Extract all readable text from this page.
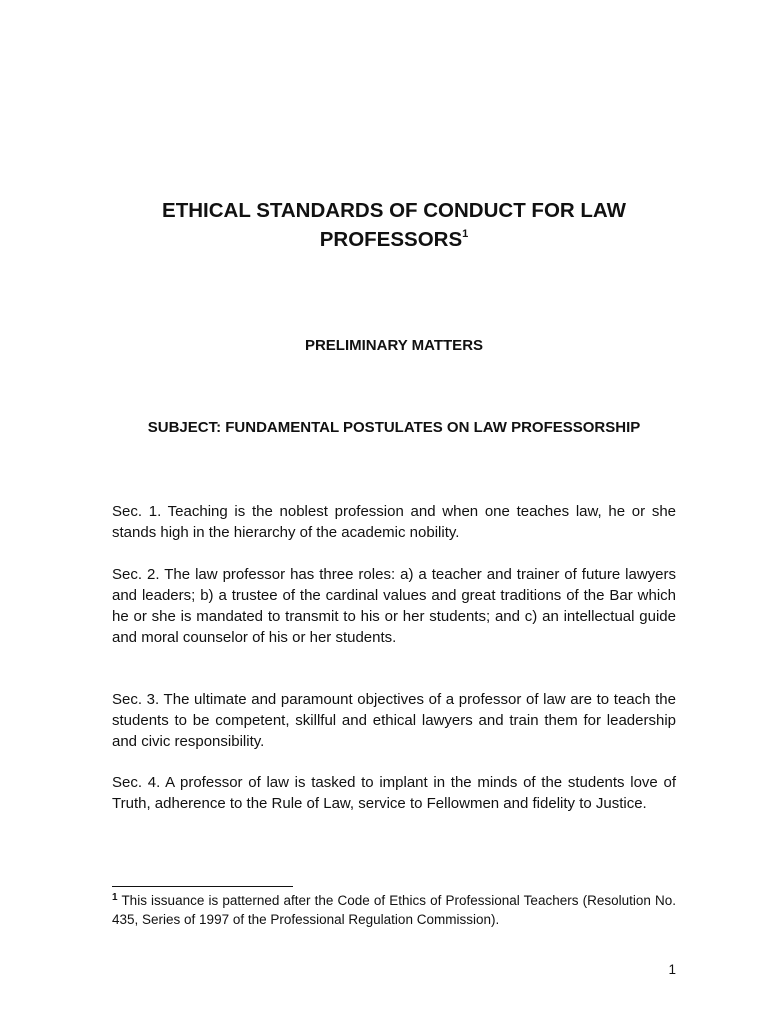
ETHICAL STANDARDS OF CONDUCT FOR LAW PROFESSORS$^1$
PRELIMINARY MATTERS
SUBJECT: FUNDAMENTAL POSTULATES ON LAW PROFESSORSHIP

Sec. 1. Teaching is the noblest profession and when one teaches law, he or she stands high in the hierarchy of the academic nobility.

Sec. 2. The law professor has three roles: a) a teacher and trainer of future lawyers and leaders; b) a trustee of the cardinal values and great traditions of the Bar which he or she is mandated to transmit to his or her students; and c) an intellectual guide and moral counselor of his or her students.

Sec. 3. The ultimate and paramount objectives of a professor of law are to teach the students to be competent, skillful and ethical lawyers and train them for leadership and civic responsibility.

Sec. 4. A professor of law is tasked to implant in the minds of the students love of Truth, adherence to the Rule of Law, service to Fellowmen and fidelity to Justice.

$^1$ This issuance is patterned after the Code of Ethics of Professional Teachers (Resolution No. 435, Series of 1997 of the Professional Regulation Commission).

1
